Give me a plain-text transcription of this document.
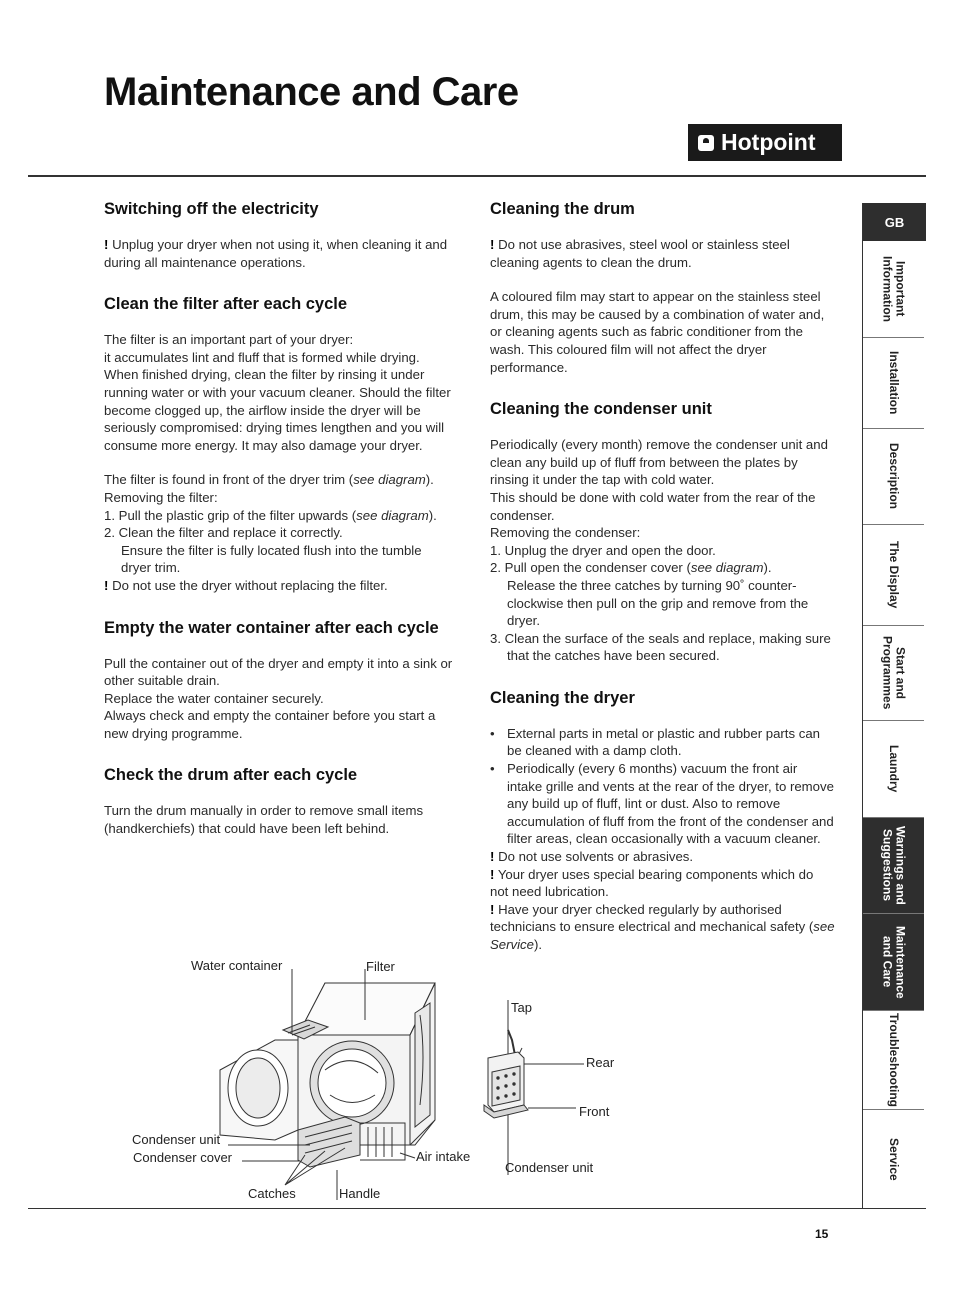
Maintenance and Care
Hotpoint
Switching off the electricity

! Unplug your dryer when not using it, when cleaning it and during all maintenance operations.

Clean the filter after each cycle

The filter is an important part of your dryer:
it accumulates lint and fluff that is formed while drying. When finished drying, clean the filter by rinsing it under running water or with your vacuum cleaner. Should the filter become clogged up, the airflow inside the dryer will be seriously compromised: drying times lengthen and you will consume more energy. It may also damage your dryer.

The filter is found in front of the dryer trim (see diagram).

Removing the filter:

1. Pull the plastic grip of the filter upwards (see diagram).

2. Clean the filter and replace it correctly.

Ensure the filter is fully located flush into the tumble dryer trim.

! Do not use the dryer without replacing the filter.

Empty the water container after each cycle

Pull the container out of the dryer and empty it into a sink or other suitable drain.
Replace the water container securely.
Always check and empty the container before you start a new drying programme.

Check the drum after each cycle

Turn the drum manually in order to remove small items (handkerchiefs) that could have been left behind.

Cleaning the drum

! Do not use abrasives, steel wool or stainless steel cleaning agents to clean the drum.

A coloured film may start to appear on the stainless steel drum, this may be caused by a combination of water and, or cleaning agents such as fabric conditioner from the wash. This coloured film will not affect the dryer performance.

Cleaning the condenser unit

Periodically (every month) remove the condenser unit and clean any build up of fluff from between the plates by rinsing it under the tap with cold water.
This should be done with cold water from the rear of the condenser.
Removing the condenser:

1. Unplug the dryer and open the door.

2. Pull open the condenser cover (see diagram).

Release the three catches by turning 90˚ counter-clockwise then pull on the grip and remove from the dryer.

3. Clean the surface of the seals and replace, making sure that the catches have been secured.

Cleaning the dryer
• External parts in metal or plastic and rubber parts can be cleaned with a damp cloth.
• Periodically (every 6 months) vacuum the front air intake grille and vents at the rear of the dryer, to remove any build up of fluff, lint or dust. Also to remove accumulation of fluff from the front of the condenser and filter areas, clean occasionally with a vacuum cleaner.

! Do not use solvents or abrasives.

! Your dryer uses special bearing components which do not need lubrication.

! Have your dryer checked regularly by authorised technicians to ensure electrical and mechanical safety (see Service).

Water container	Filter
Condenser unit
Condenser cover	Air intake
Catches	Handle
Tap
Rear
Front
Condenser unit
GB
Important
Information
Installation
Description
The Display
Start and
Programmes
Laundry
Warnings and
Suggestions
Maintenance
and Care
Troubleshooting
Service
15
